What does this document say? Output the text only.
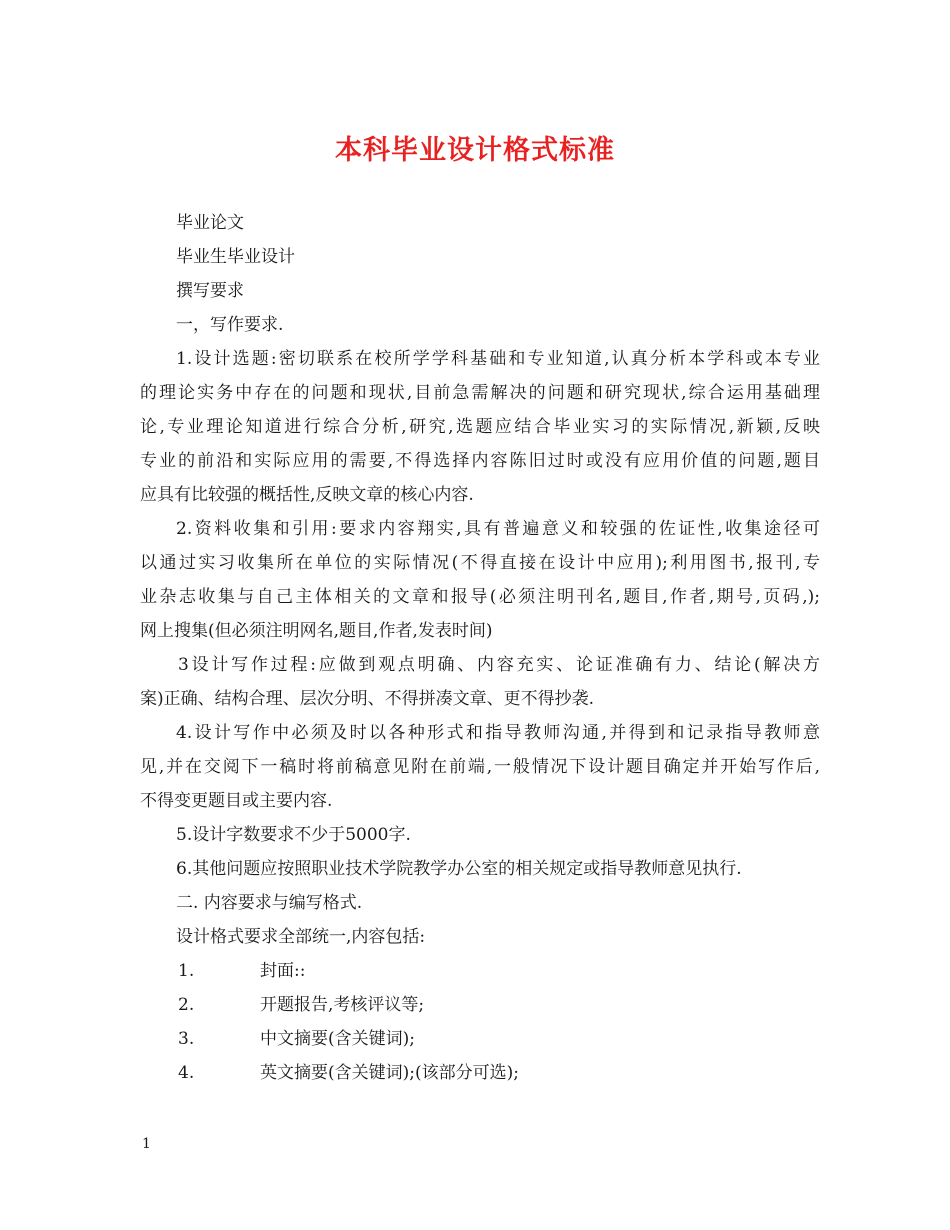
本科毕业设计格式标准
毕业论文
毕业生毕业设计
撰写要求
一，写作要求.
1.设计选题:密切联系在校所学学科基础和专业知道,认真分析本学科或本专业
的理论实务中存在的问题和现状,目前急需解决的问题和研究现状,综合运用基础理
论,专业理论知道进行综合分析,研究,选题应结合毕业实习的实际情况,新颖,反映
专业的前沿和实际应用的需要,不得选择内容陈旧过时或没有应用价值的问题,题目
应具有比较强的概括性,反映文章的核心内容.
2.资料收集和引用:要求内容翔实,具有普遍意义和较强的佐证性,收集途径可
以通过实习收集所在单位的实际情况(不得直接在设计中应用);利用图书,报刊,专
业杂志收集与自己主体相关的文章和报导(必须注明刊名,题目,作者,期号,页码,);
网上搜集(但必须注明网名,题目,作者,发表时间)
3设计写作过程:应做到观点明确、内容充实、论证准确有力、结论(解决方
案)正确、结构合理、层次分明、不得拼凑文章、更不得抄袭.
4.设计写作中必须及时以各种形式和指导教师沟通,并得到和记录指导教师意
见,并在交阅下一稿时将前稿意见附在前端,一般情况下设计题目确定并开始写作后,
不得变更题目或主要内容.
5.设计字数要求不少于5000字.
6.其他问题应按照职业技术学院教学办公室的相关规定或指导教师意见执行.
二. 内容要求与编写格式.
设计格式要求全部统一,内容包括:
1.	封面::
2.	开题报告,考核评议等;
3.	中文摘要(含关键词);
4.	英文摘要(含关键词);(该部分可选);
1
